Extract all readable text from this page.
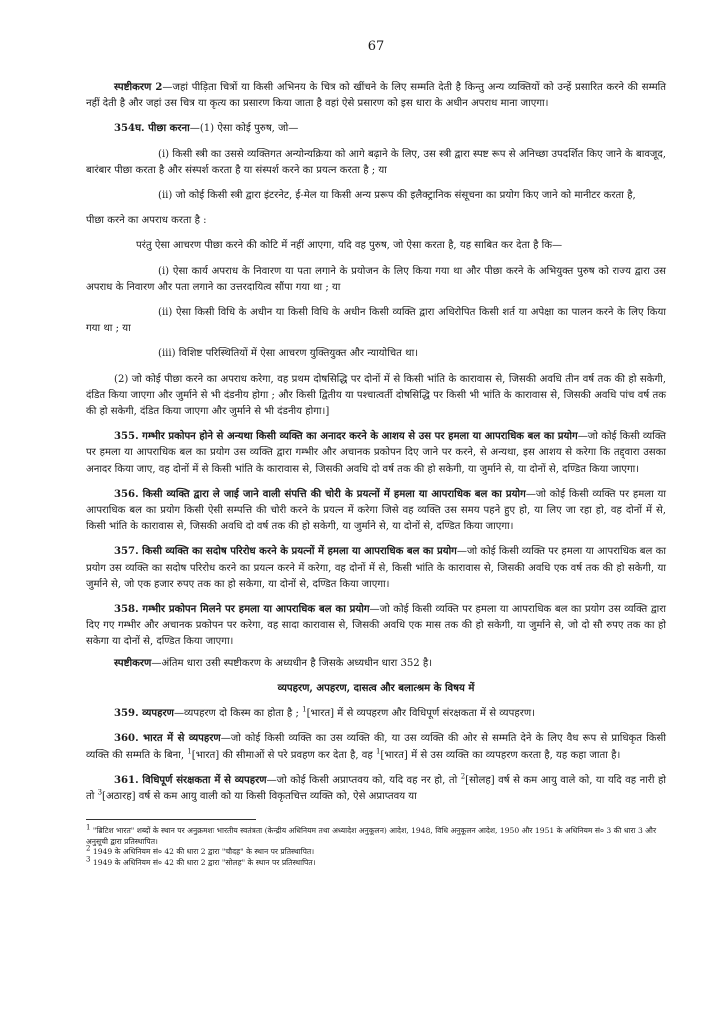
67

स्पष्टीकरण 2—जहां पीड़िता चित्रों या किसी अभिनय के चित्र को खींचने के लिए सम्मति देती है किन्तु अन्य व्यक्तियों को उन्हें प्रसारित करने की सम्मति नहीं देती है और जहां उस चित्र या कृत्य का प्रसारण किया जाता है वहां ऐसे प्रसारण को इस धारा के अधीन अपराध माना जाएगा।

354घ. पीछा करना—(1) ऐसा कोई पुरुष, जो—

(i) किसी स्त्री का उससे व्यक्तिगत अन्योन्यक्रिया को आगे बढ़ाने के लिए, उस स्त्री द्वारा स्पष्ट रूप से अनिच्छा उपदर्शित किए जाने के बावजूद, बारंबार पीछा करता है और संस्पर्श करता है या संस्पर्श करने का प्रयत्न करता है ; या

(ii) जो कोई किसी स्त्री द्वारा इंटरनेट, ई-मेल या किसी अन्य प्ररूप की इलैक्ट्रानिक संसूचना का प्रयोग किए जाने को मानीटर करता है,

पीछा करने का अपराध करता है :

परंतु ऐसा आचरण पीछा करने की कोटि में नहीं आएगा, यदि वह पुरुष, जो ऐसा करता है, यह साबित कर देता है कि—

(i) ऐसा कार्य अपराध के निवारण या पता लगाने के प्रयोजन के लिए किया गया था और पीछा करने के अभियुक्त पुरुष को राज्य द्वारा उस अपराध के निवारण और पता लगाने का उत्तरदायित्व सौंपा गया था ; या

(ii) ऐसा किसी विधि के अधीन या किसी विधि के अधीन किसी व्यक्ति द्वारा अधिरोपित किसी शर्त या अपेक्षा का पालन करने के लिए किया गया था ; या

(iii) विशिष्ट परिस्थितियों में ऐसा आचरण युक्तियुक्त और न्यायोचित था।

(2) जो कोई पीछा करने का अपराध करेगा, वह प्रथम दोषसिद्धि पर दोनों में से किसी भांति के कारावास से, जिसकी अवधि तीन वर्ष तक की हो सकेगी, दंडित किया जाएगा और जुर्माने से भी दंडनीय होगा ; और किसी द्वितीय या पश्चात्वर्ती दोषसिद्धि पर किसी भी भांति के कारावास से, जिसकी अवधि पांच वर्ष तक की हो सकेगी, दंडित किया जाएगा और जुर्माने से भी दंडनीय होगा।]

355. गम्भीर प्रकोपन होने से अन्यथा किसी व्यक्ति का अनादर करने के आशय से उस पर हमला या आपराधिक बल का प्रयोग—जो कोई किसी व्यक्ति पर हमला या आपराधिक बल का प्रयोग उस व्यक्ति द्वारा गम्भीर और अचानक प्रकोपन दिए जाने पर करने, से अन्यथा, इस आशय से करेगा कि तद्द्वारा उसका अनादर किया जाए, वह दोनों में से किसी भांति के कारावास से, जिसकी अवधि दो वर्ष तक की हो सकेगी, या जुर्माने से, या दोनों से, दण्डित किया जाएगा।

356. किसी व्यक्ति द्वारा ले जाई जाने वाली संपत्ति की चोरी के प्रयत्नों में हमला या आपराधिक बल का प्रयोग—जो कोई किसी व्यक्ति पर हमला या आपराधिक बल का प्रयोग किसी ऐसी सम्पत्ति की चोरी करने के प्रयत्न में करेगा जिसे वह व्यक्ति उस समय पहने हुए हो, या लिए जा रहा हो, वह दोनों में से, किसी भांति के कारावास से, जिसकी अवधि दो वर्ष तक की हो सकेगी, या जुर्माने से, या दोनों से, दण्डित किया जाएगा।

357. किसी व्यक्ति का सदोष परिरोध करने के प्रयत्नों में हमला या आपराधिक बल का प्रयोग—जो कोई किसी व्यक्ति पर हमला या आपराधिक बल का प्रयोग उस व्यक्ति का सदोष परिरोध करने का प्रयत्न करने में करेगा, वह दोनों में से, किसी भांति के कारावास से, जिसकी अवधि एक वर्ष तक की हो सकेगी, या जुर्माने से, जो एक हजार रुपए तक का हो सकेगा, या दोनों से, दण्डित किया जाएगा।

358. गम्भीर प्रकोपन मिलने पर हमला या आपराधिक बल का प्रयोग—जो कोई किसी व्यक्ति पर हमला या आपराधिक बल का प्रयोग उस व्यक्ति द्वारा दिए गए गम्भीर और अचानक प्रकोपन पर करेगा, वह सादा कारावास से, जिसकी अवधि एक मास तक की हो सकेगी, या जुर्माने से, जो दो सौ रुपए तक का हो सकेगा या दोनों से, दण्डित किया जाएगा।

स्पष्टीकरण—अंतिम धारा उसी स्पष्टीकरण के अध्यधीन है जिसके अध्यधीन धारा 352 है।

व्यपहरण, अपहरण, दासत्व और बलात्श्रम के विषय में

359. व्यपहरण—व्यपहरण दो किस्म का होता है ; $^1$[भारत] में से व्यपहरण और विधिपूर्ण संरक्षकता में से व्यपहरण।

360. भारत में से व्यपहरण—जो कोई किसी व्यक्ति का उस व्यक्ति की, या उस व्यक्ति की ओर से सम्मति देने के लिए वैध रूप से प्राधिकृत किसी व्यक्ति की सम्मति के बिना, $^1$[भारत] की सीमाओं से परे प्रवहण कर देता है, वह $^1$[भारत] में से उस व्यक्ति का व्यपहरण करता है, यह कहा जाता है।

361. विधिपूर्ण संरक्षकता में से व्यपहरण—जो कोई किसी अप्राप्तवय को, यदि वह नर हो, तो $^2$[सोलह] वर्ष से कम आयु वाले को, या यदि वह नारी हो तो $^3$[अठारह] वर्ष से कम आयु वाली को या किसी विकृतचित्त व्यक्ति को, ऐसे अप्राप्तवय या

$^1$ "ब्रिटिश भारत" शब्दों के स्थान पर अनुक्रमशः भारतीय स्वतंत्रता (केन्द्रीय अधिनियम तथा अध्यादेश अनुकूलन) आदेश, 1948, विधि अनुकूलन आदेश, 1950 और 1951 के अधिनियम सं० 3 की धारा 3 और अनुसूची द्वारा प्रतिस्थापित।

$^2$ 1949 के अधिनियम सं० 42 की धारा 2 द्वारा "चौदह" के स्थान पर प्रतिस्थापित।

$^3$ 1949 के अधिनियम सं० 42 की धारा 2 द्वारा "सोलह" के स्थान पर प्रतिस्थापित।
